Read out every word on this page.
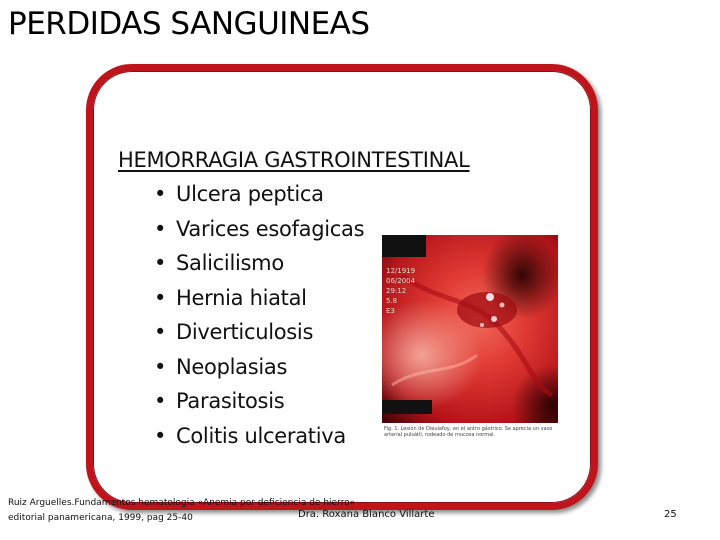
PERDIDAS SANGUINEAS
HEMORRAGIA GASTROINTESTINAL
• Ulcera peptica
• Varices esofagicas
• Salicilismo
• Hernia hiatal
• Diverticulosis
• Neoplasias
• Parasitosis
• Colitis ulcerativa
12/1919
06/2004
29:12
5.8
E3
Fig. 1. Lesión de Dieulafoy, en el antro gástrico. Se aprecia un vaso arterial pulsátil, rodeado de mucosa normal.
Ruiz Arguelles.Fundamentos hematologia «Anemia por deficiencia de hierro»
editorial panamericana, 1999, pag 25-40	Dra. Roxana Blanco Villarte	25
